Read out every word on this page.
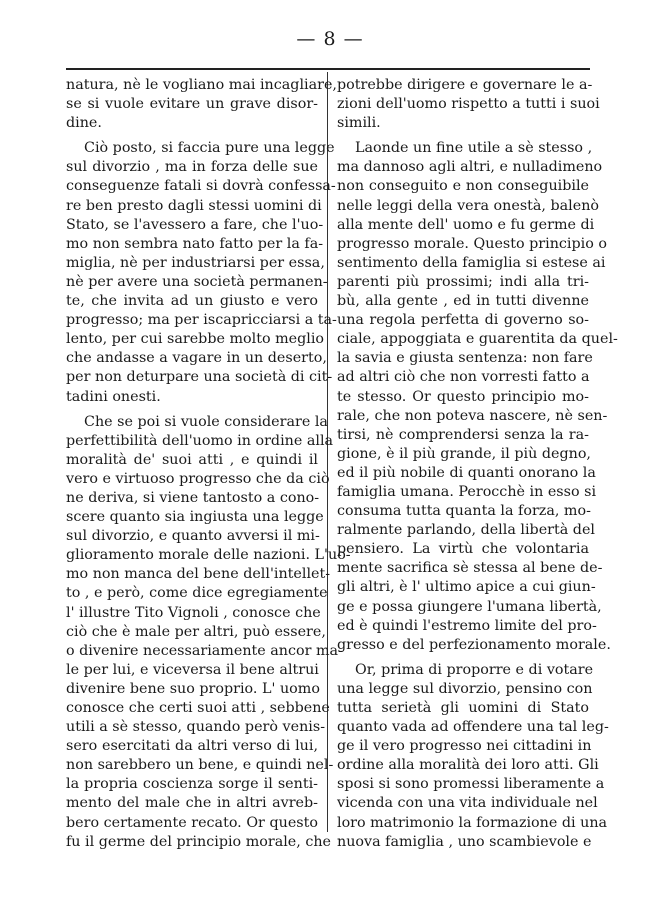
— 8 —
natura, nè le vogliano mai incagliare,
se si vuole evitare un grave disor-
dine.
Ciò posto, si faccia pure una legge
sul divorzio , ma in forza delle sue
conseguenze fatali si dovrà confessa-
re ben presto dagli stessi uomini di
Stato, se l'avessero a fare, che l'uo-
mo non sembra nato fatto per la fa-
miglia, nè per industriarsi per essa,
nè per avere una società permanen-
te, che invita ad un giusto e vero
progresso; ma per iscapricciarsi a ta-
lento, per cui sarebbe molto meglio
che andasse a vagare in un deserto,
per non deturpare una società di cit-
tadini onesti.
Che se poi si vuole considerare la
perfettibilità dell'uomo in ordine alla
moralità de' suoi atti , e quindi il
vero e virtuoso progresso che da ciò
ne deriva, si viene tantosto a cono-
scere quanto sia ingiusta una legge
sul divorzio, e quanto avversi il mi-
glioramento morale delle nazioni. L'uo-
mo non manca del bene dell'intellet-
to , e però, come dice egregiamente
l' illustre Tito Vignoli , conosce che
ciò che è male per altri, può essere,
o divenire necessariamente ancor ma-
le per lui, e viceversa il bene altrui
divenire bene suo proprio. L' uomo
conosce che certi suoi atti , sebbene
utili a sè stesso, quando però venis-
sero esercitati da altri verso di lui,
non sarebbero un bene, e quindi nel-
la propria coscienza sorge il senti-
mento del male che in altri avreb-
bero certamente recato. Or questo
fu il germe del principio morale, che
potrebbe dirigere e governare le a-
zioni dell'uomo rispetto a tutti i suoi
simili.
Laonde un fine utile a sè stesso ,
ma dannoso agli altri, e nulladimeno
non conseguito e non conseguibile
nelle leggi della vera onestà, balenò
alla mente dell' uomo e fu germe di
progresso morale. Questo principio o
sentimento della famiglia si estese ai
parenti più prossimi; indi alla tri-
bù, alla gente , ed in tutti divenne
una regola perfetta di governo so-
ciale, appoggiata e guarentita da quel-
la savia e giusta sentenza: non fare
ad altri ciò che non vorresti fatto a
te stesso. Or questo principio mo-
rale, che non poteva nascere, nè sen-
tirsi, nè comprendersi senza la ra-
gione, è il più grande, il più degno,
ed il più nobile di quanti onorano la
famiglia umana. Perocchè in esso si
consuma tutta quanta la forza, mo-
ralmente parlando, della libertà del
pensiero. La virtù che volontaria
mente sacrifica sè stessa al bene de-
gli altri, è l' ultimo apice a cui giun-
ge e possa giungere l'umana libertà,
ed è quindi l'estremo limite del pro-
gresso e del perfezionamento morale.
Or, prima di proporre e di votare
una legge sul divorzio, pensino con
tutta serietà gli uomini di Stato
quanto vada ad offendere una tal leg-
ge il vero progresso nei cittadini in
ordine alla moralità dei loro atti. Gli
sposi si sono promessi liberamente a
vicenda con una vita individuale nel
loro matrimonio la formazione di una
nuova famiglia , uno scambievole e
